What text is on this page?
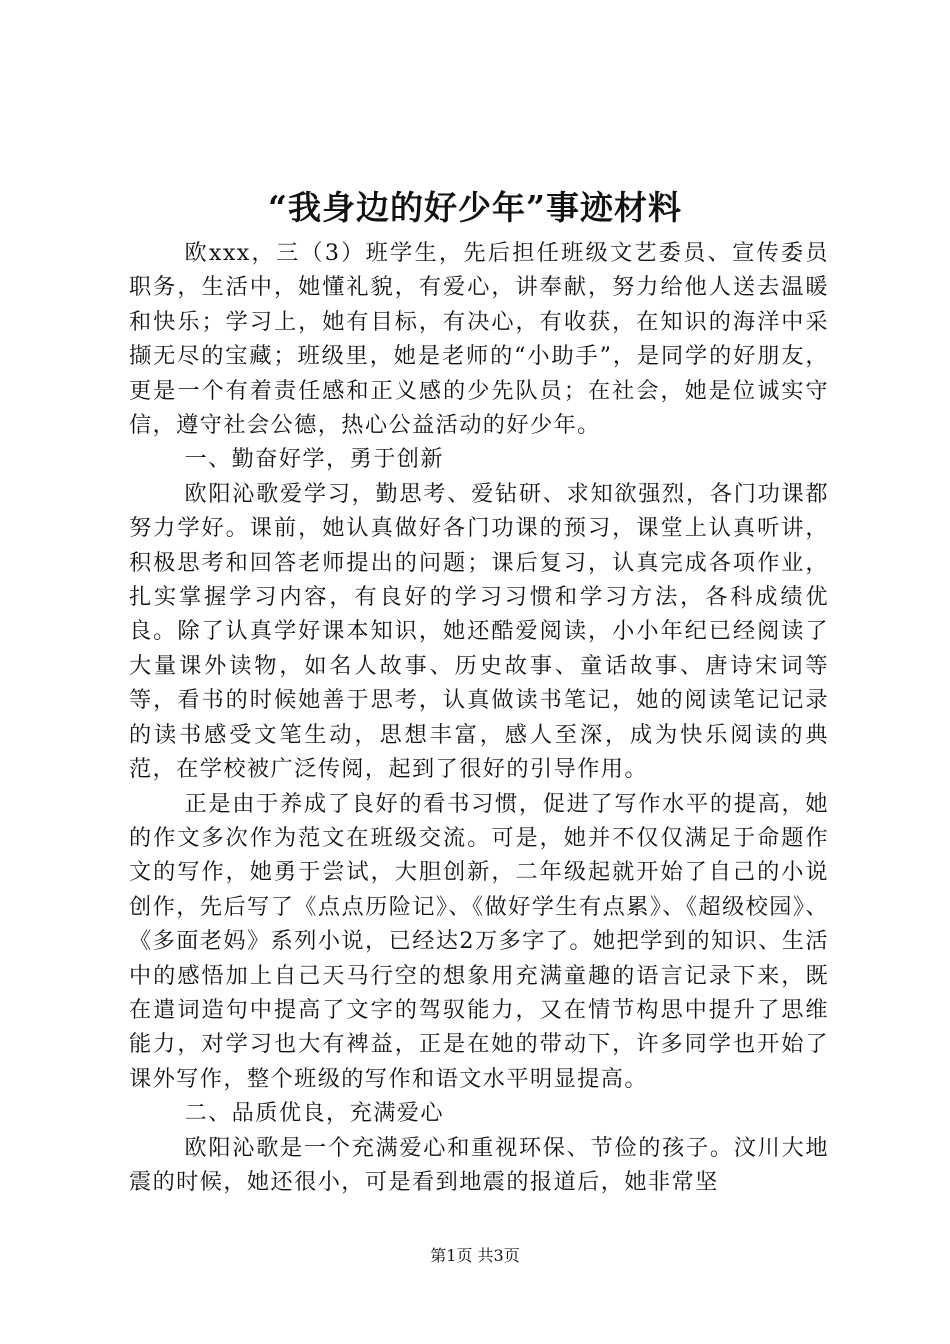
“我身边的好少年”事迹材料

欧xxx，三（3）班学生，先后担任班级文艺委员、宣传委员职务，生活中，她懂礼貌，有爱心，讲奉献，努力给他人送去温暖和快乐；学习上，她有目标，有决心，有收获，在知识的海洋中采撷无尽的宝藏；班级里，她是老师的“小助手”，是同学的好朋友，更是一个有着责任感和正义感的少先队员；在社会，她是位诚实守信，遵守社会公德，热心公益活动的好少年。

一、勤奋好学，勇于创新

欧阳沁歌爱学习，勤思考、爱钻研、求知欲强烈，各门功课都努力学好。课前，她认真做好各门功课的预习，课堂上认真听讲，积极思考和回答老师提出的问题；课后复习，认真完成各项作业，扎实掌握学习内容，有良好的学习习惯和学习方法，各科成绩优良。除了认真学好课本知识，她还酷爱阅读，小小年纪已经阅读了大量课外读物，如名人故事、历史故事、童话故事、唐诗宋词等等，看书的时候她善于思考，认真做读书笔记，她的阅读笔记记录的读书感受文笔生动，思想丰富，感人至深，成为快乐阅读的典范，在学校被广泛传阅，起到了很好的引导作用。

正是由于养成了良好的看书习惯，促进了写作水平的提高，她的作文多次作为范文在班级交流。可是，她并不仅仅满足于命题作文的写作，她勇于尝试，大胆创新，二年级起就开始了自己的小说创作，先后写了《点点历险记》、《做好学生有点累》、《超级校园》、《多面老妈》系列小说，已经达2万多字了。她把学到的知识、生活中的感悟加上自己天马行空的想象用充满童趣的语言记录下来，既在遣词造句中提高了文字的驾驭能力，又在情节构思中提升了思维能力，对学习也大有裨益，正是在她的带动下，许多同学也开始了课外写作，整个班级的写作和语文水平明显提高。

二、品质优良，充满爱心

欧阳沁歌是一个充满爱心和重视环保、节俭的孩子。汶川大地震的时候，她还很小，可是看到地震的报道后，她非常坚

第1页 共3页
